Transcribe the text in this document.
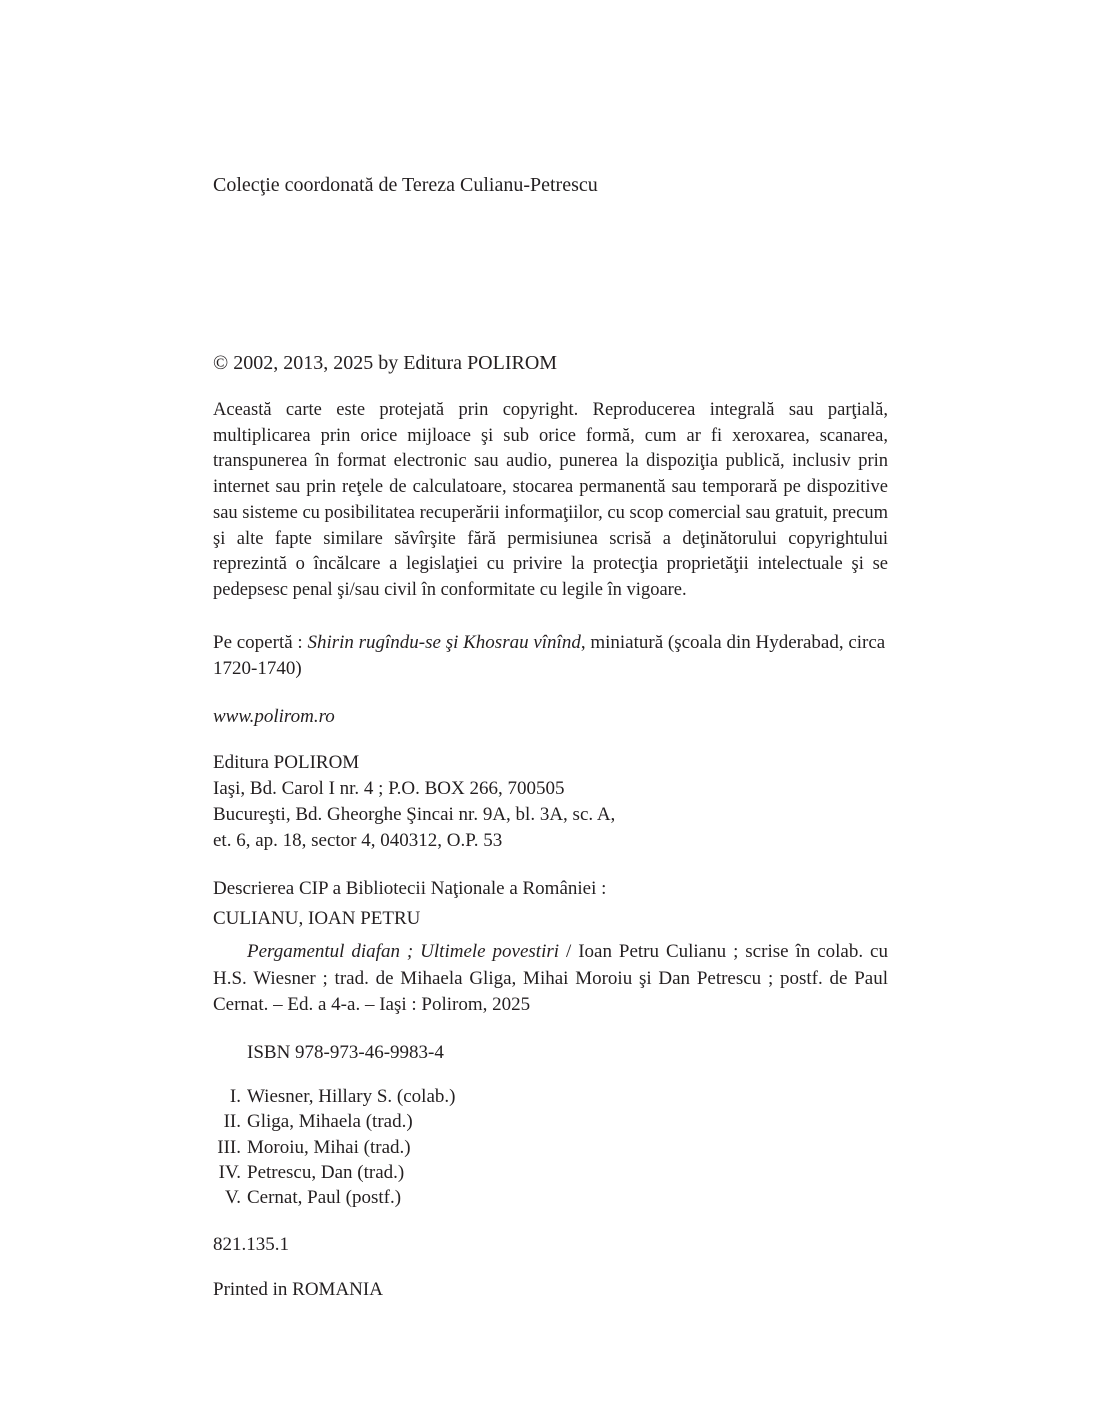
Colecţie coordonată de Tereza Culianu-Petrescu
© 2002, 2013, 2025 by Editura POLIROM
Această carte este protejată prin copyright. Reproducerea integrală sau parţială, multiplicarea prin orice mijloace şi sub orice formă, cum ar fi xeroxarea, scanarea, transpunerea în format electronic sau audio, punerea la dispoziţia publică, inclusiv prin internet sau prin reţele de calculatoare, stocarea permanentă sau temporară pe dispozitive sau sisteme cu posibilitatea recuperării informaţiilor, cu scop comercial sau gratuit, precum şi alte fapte similare săvîrşite fără permisiunea scrisă a deţinătorului copyrightului reprezintă o încălcare a legislaţiei cu privire la protecţia proprietăţii intelectuale şi se pedepsesc penal şi/sau civil în conformitate cu legile în vigoare.
Pe copertă : Shirin rugîndu-se şi Khosrau vînînd, miniatură (şcoala din Hyderabad, circa 1720-1740)
www.polirom.ro
Editura POLIROM
Iaşi, Bd. Carol I nr. 4 ; P.O. BOX 266, 700505
Bucureşti, Bd. Gheorghe Şincai nr. 9A, bl. 3A, sc. A,
et. 6, ap. 18, sector 4, 040312, O.P. 53
Descrierea CIP a Bibliotecii Naţionale a României :
CULIANU, IOAN PETRU
Pergamentul diafan ; Ultimele povestiri / Ioan Petru Culianu ; scrise în colab. cu H.S. Wiesner ; trad. de Mihaela Gliga, Mihai Moroiu şi Dan Petrescu ; postf. de Paul Cernat. – Ed. a 4-a. – Iaşi : Polirom, 2025
ISBN 978-973-46-9983-4
I. Wiesner, Hillary S. (colab.)
II. Gliga, Mihaela (trad.)
III. Moroiu, Mihai (trad.)
IV. Petrescu, Dan (trad.)
V. Cernat, Paul (postf.)
821.135.1
Printed in ROMANIA
